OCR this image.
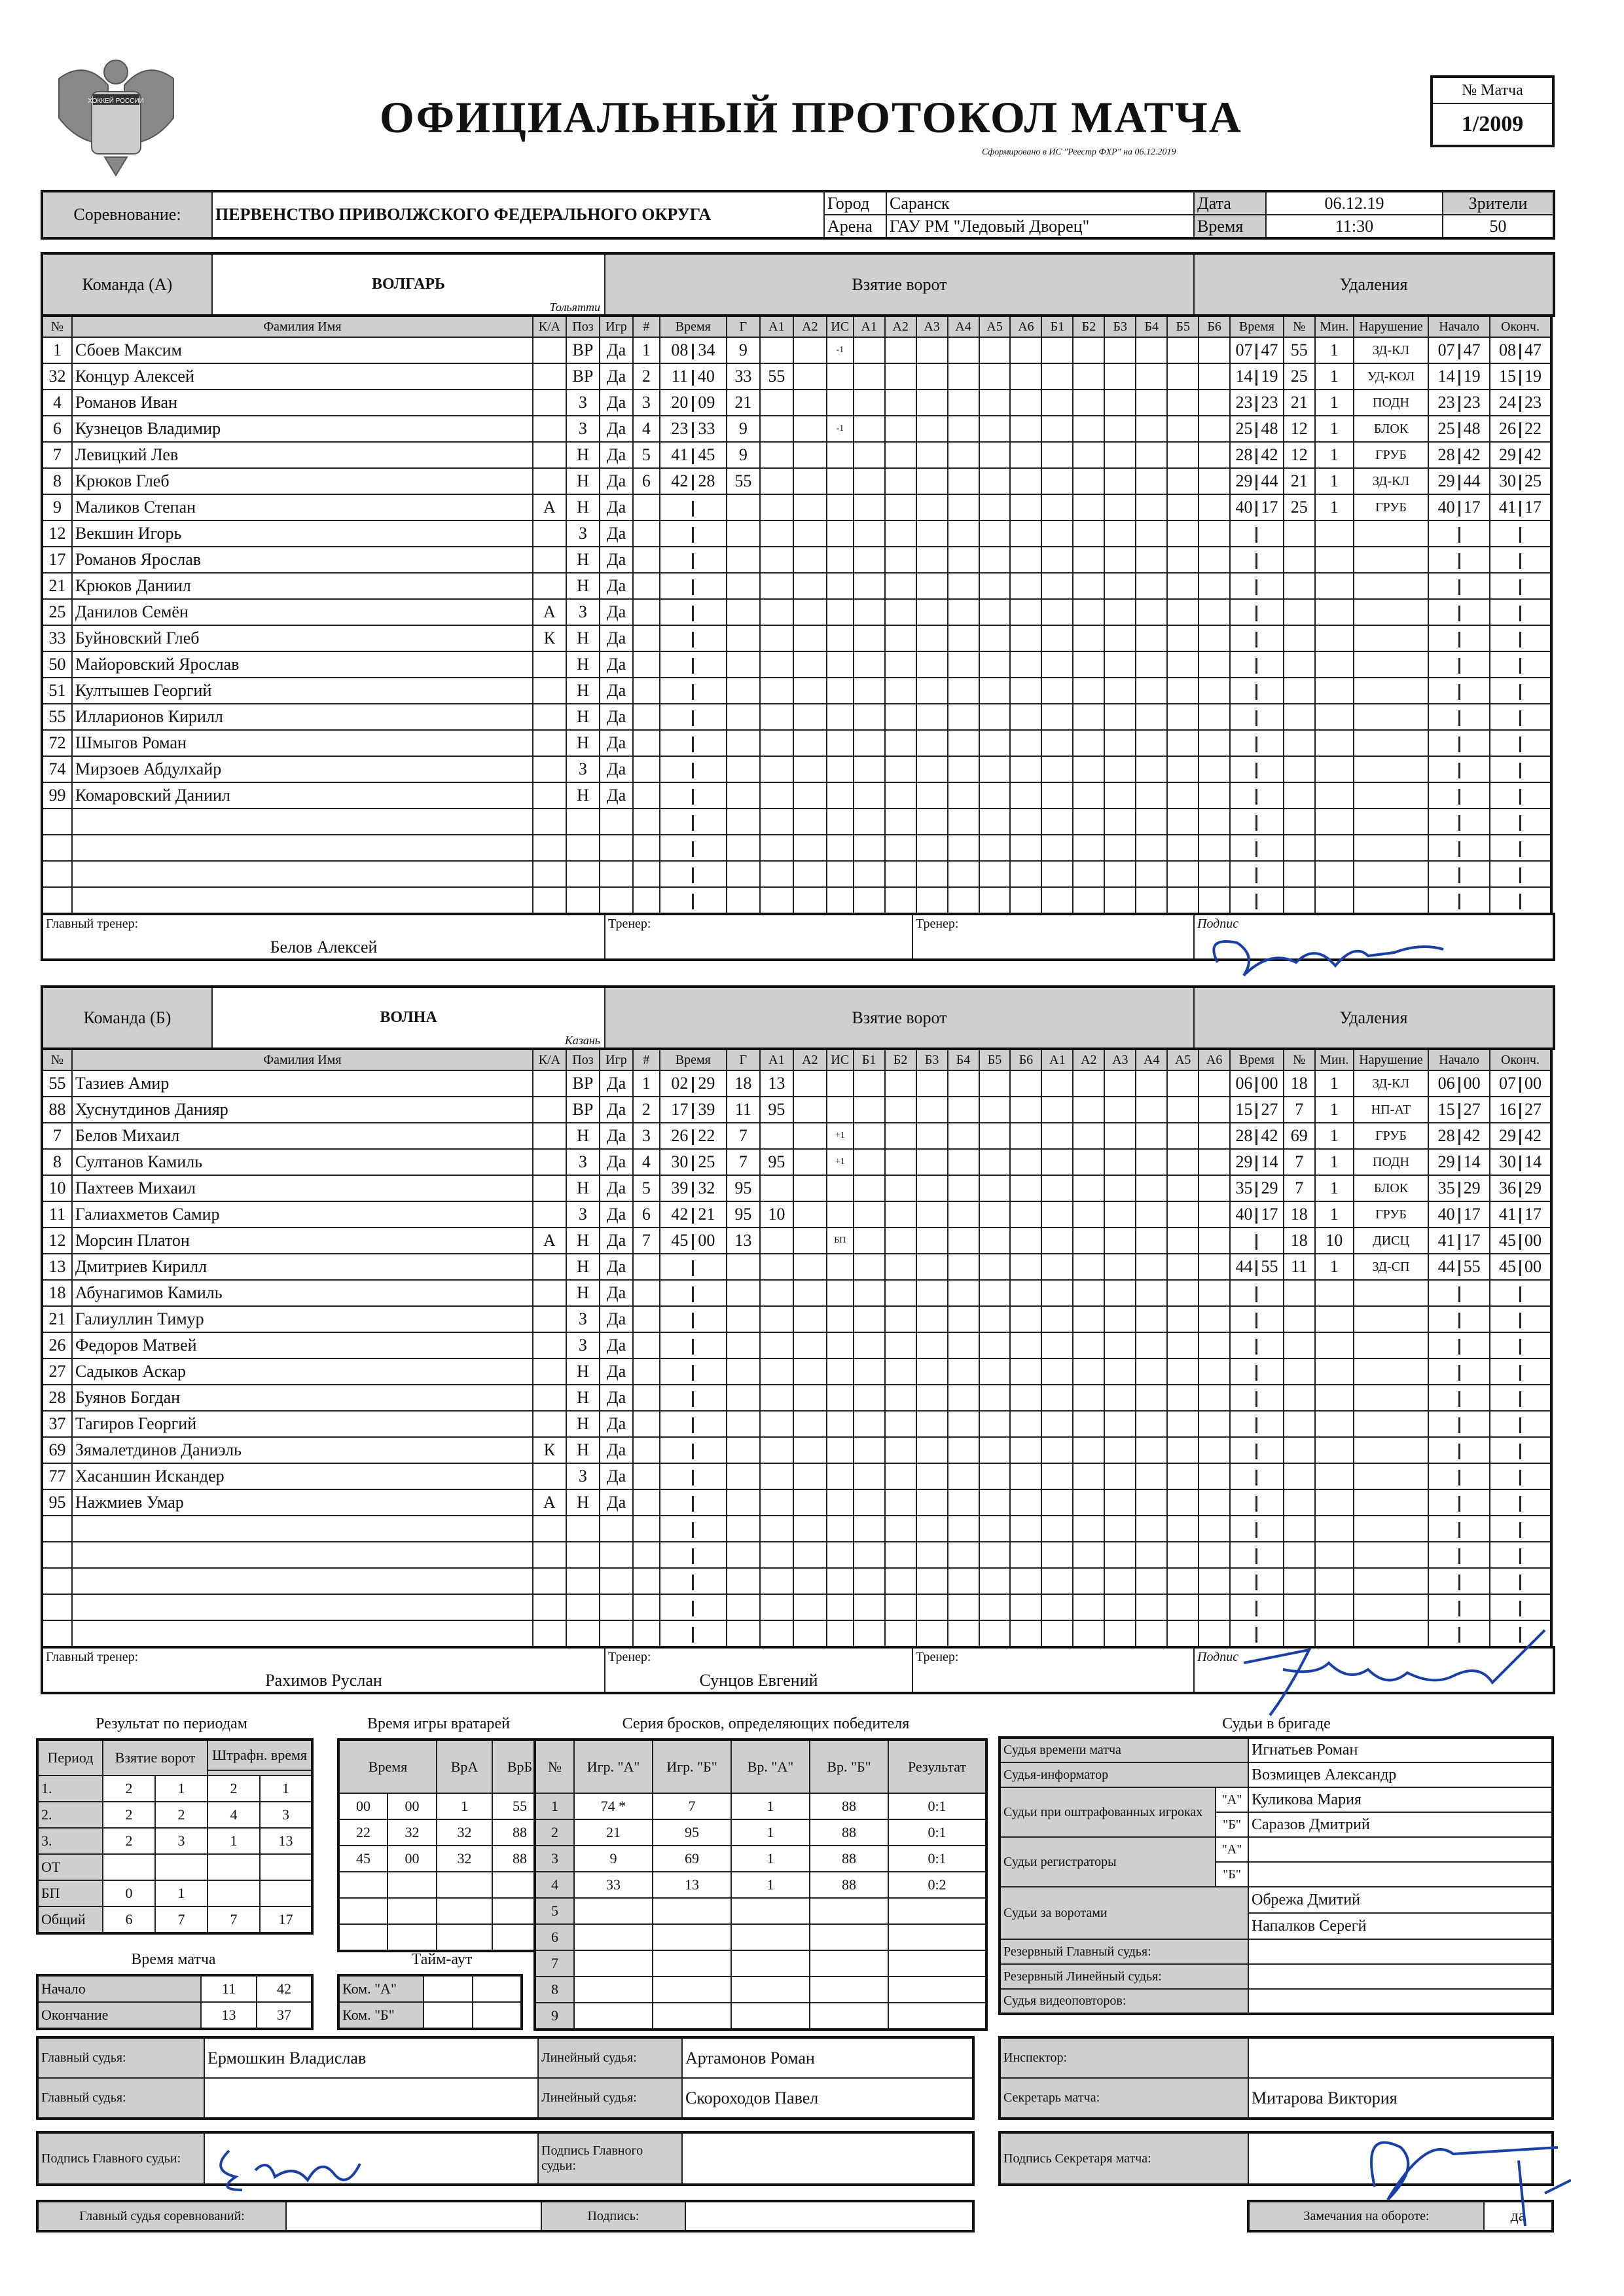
ХОККЕЙ РОССИИ	ОФИЦИАЛЬНЫЙ ПРОТОКОЛ МАТЧА
Сформировано в ИС "Реестр ФХР" на 06.12.2019
№ Матча
1/2009
Соревнование:	ПЕРВЕНСТВО ПРИВОЛЖСКОГО ФЕДЕРАЛЬНОГО ОКРУГА	Город	Саранск	Дата	06.12.19	Зрители
		Арена	ГАУ РМ "Ледовый Дворец"	Время	11:30	50
Команда (А)	ВОЛГАРЬ
Тольятти
	Взятие ворот	Удаления
№	Фамилия Имя	К/А	Поз	Игр	#	Время	Г	А1	А2	ИС	А1	А2	А3	А4	А5	А6	Б1	Б2	Б3	Б4	Б5	Б6	Время	№	Мин.	Нарушение	Начало	Оконч.
1	Сбоев Максим		ВР	Да	1	08 34	9			-1													07 47	55	1	ЗД-КЛ	07 47	08 47
32	Концур Алексей		ВР	Да	2	11 40	33	55															14 19	25	1	УД-КОЛ	14 19	15 19
4	Романов Иван		З	Да	3	20 09	21																23 23	21	1	ПОДН	23 23	24 23
6	Кузнецов Владимир		З	Да	4	23 33	9			-1													25 48	12	1	БЛОК	25 48	26 22
7	Левицкий Лев		Н	Да	5	41 45	9																28 42	12	1	ГРУБ	28 42	29 42
8	Крюков Глеб		Н	Да	6	42 28	55																29 44	21	1	ЗД-КЛ	29 44	30 25
9	Маликов Степан	А	Н	Да																			40 17	25	1	ГРУБ	40 17	41 17
12	Векшин Игорь		З	Да																								
17	Романов Ярослав		Н	Да																								
21	Крюков Даниил		Н	Да																								
25	Данилов Семён	А	З	Да																								
33	Буйновский Глеб	К	Н	Да																								
50	Майоровский Ярослав		Н	Да																								
51	Култышев Георгий		Н	Да																								
55	Илларионов Кирилл		Н	Да																								
72	Шмыгов Роман		Н	Да																								
74	Мирзоев Абдулхайр		З	Да																								
99	Комаровский Даниил		Н	Да																								

Главный тренер:
Белов Алексей

Тренер:	Тренер:	Подпис
Команда (Б)	ВОЛНА
Казань
	Взятие ворот	Удаления
№	Фамилия Имя	К/А	Поз	Игр	#	Время	Г	А1	А2	ИС	Б1	Б2	Б3	Б4	Б5	Б6	А1	А2	А3	А4	А5	А6	Время	№	Мин.	Нарушение	Начало	Оконч.
55	Тазиев Амир		ВР	Да	1	02 29	18	13															06 00	18	1	ЗД-КЛ	06 00	07 00
88	Хуснутдинов Данияр		ВР	Да	2	17 39	11	95															15 27	7	1	НП-АТ	15 27	16 27
7	Белов Михаил		Н	Да	3	26 22	7			+1													28 42	69	1	ГРУБ	28 42	29 42
8	Султанов Камиль		З	Да	4	30 25	7	95		+1													29 14	7	1	ПОДН	29 14	30 14
10	Пахтеев Михаил		Н	Да	5	39 32	95																35 29	7	1	БЛОК	35 29	36 29
11	Галиахметов Самир		З	Да	6	42 21	95	10															40 17	18	1	ГРУБ	40 17	41 17
12	Морсин Платон	А	Н	Да	7	45 00	13			БП														18	10	ДИСЦ	41 17	45 00
13	Дмитриев Кирилл		Н	Да																			44 55	11	1	ЗД-СП	44 55	45 00
18	Абунагимов Камиль		Н	Да																								
21	Галиуллин Тимур		З	Да																								
26	Федоров Матвей		З	Да																								
27	Садыков Аскар		Н	Да																								
28	Буянов Богдан		Н	Да																								
37	Тагиров Георгий		Н	Да																								
69	Зямалетдинов Даниэль	К	Н	Да																								
77	Хасаншин Искандер		З	Да																								
95	Нажмиев Умар	А	Н	Да																								

Главный тренер:
Рахимов Руслан

Тренер:
Сунцов Евгений

Тренер:	Подпис
Результат по периодам
Период	Взятие ворот		Штрафн. время	

1.	2	1	2	1
2.	2	2	4	3
3.	2	3	1	13
ОТ				
БП	0	1		
Общий	6	7	7	17
Время игры вратарей
Время		ВрА	ВрБ
00	00	1	55
22	32	32	88
45	00	32	88

Серия бросков, определяющих победителя
№	Игр. "А"	Игр. "Б"	Вр. "А"	Вр. "Б"	Результат
1	74 *	7	1	88	0:1
2	21	95	1	88	0:1
3	9	69	1	88	0:1
4	33	13	1	88	0:2
5					
6					
7					
8					
9					
Время матча
Начало	11	42
Окончание	13	37
Тайм-аут
Ком. "А"		
Ком. "Б"		
Судьи в бригаде
Судья времени матча		Игнатьев Роман
Судья-информатор		Возмищев Александр
Судьи при оштрафованных игроках	"А"	Куликова Мария
	"Б"	Саразов Дмитрий
Судьи регистраторы	"А"	
	"Б"	
Судьи за воротами		Обрежа Дмитий
		Напалков Серегй
Резервный Главный судья:		
Резервный Линейный судья:		
Судья видеоповторов:		
Главный судья:	Ермошкин Владислав	Линейный судья:	Артамонов Роман
Главный судья:		Линейный судья:	Скороходов Павел
Инспектор:	
Секретарь матча:	Митарова Виктория
Подпись Главного судьи:		Подпись Главного судьи:	
Подпись Секретаря матча:	
Главный судья соревнований:		Подпись:		Замечания на обороте:	да
